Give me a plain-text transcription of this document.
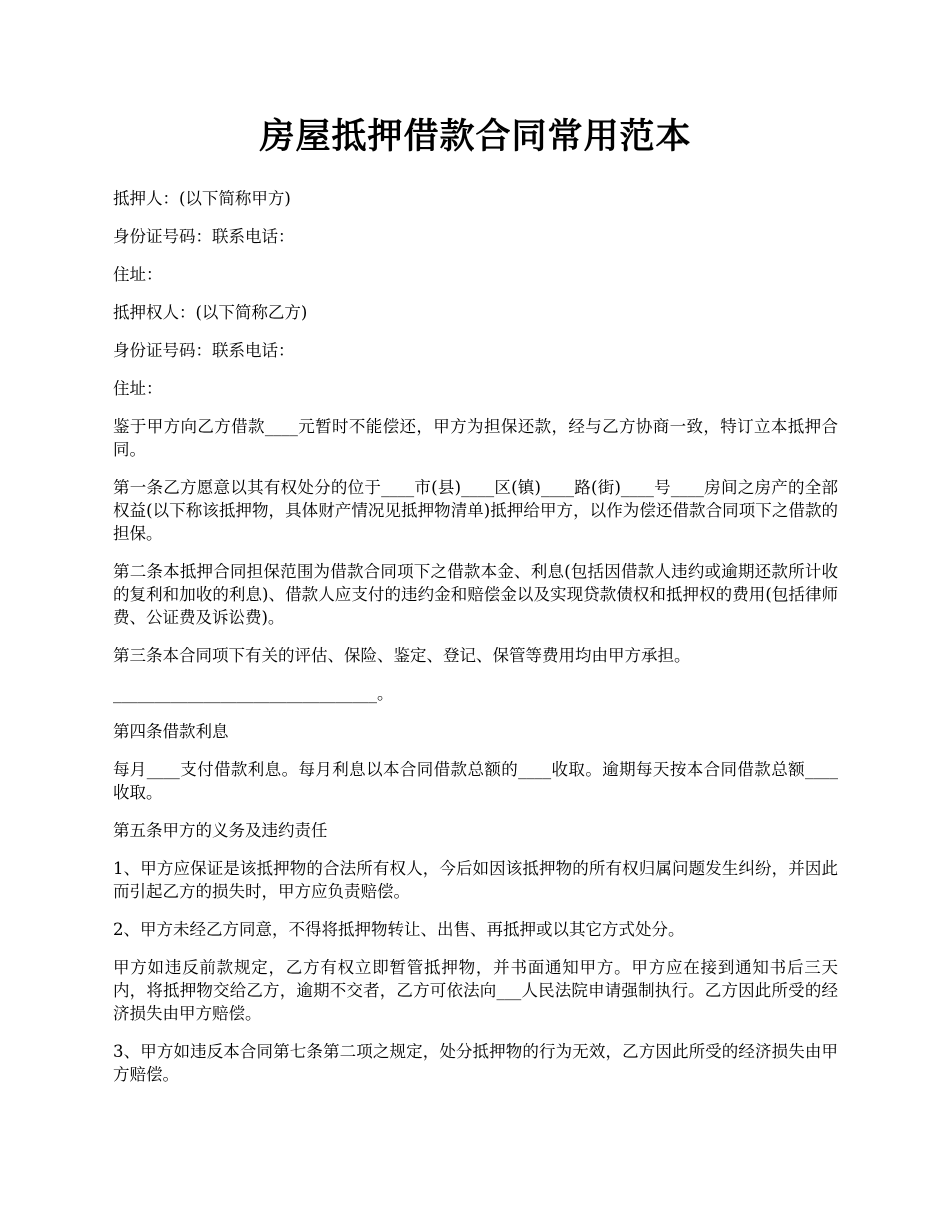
房屋抵押借款合同常用范本

抵押人：(以下简称甲方)

身份证号码：联系电话：

住址：

抵押权人：(以下简称乙方)

身份证号码：联系电话：

住址：

鉴于甲方向乙方借款____元暂时不能偿还，甲方为担保还款，经与乙方协商一致，特订立本抵押合同。

第一条乙方愿意以其有权处分的位于____市(县)____区(镇)____路(街)____号____房间之房产的全部权益(以下称该抵押物，具体财产情况见抵押物清单)抵押给甲方，以作为偿还借款合同项下之借款的担保。

第二条本抵押合同担保范围为借款合同项下之借款本金、利息(包括因借款人违约或逾期还款所计收的复利和加收的利息)、借款人应支付的违约金和赔偿金以及实现贷款债权和抵押权的费用(包括律师费、公证费及诉讼费)。

第三条本合同项下有关的评估、保险、鉴定、登记、保管等费用均由甲方承担。

________________________________。

第四条借款利息

每月____支付借款利息。每月利息以本合同借款总额的____收取。逾期每天按本合同借款总额____收取。

第五条甲方的义务及违约责任

1、甲方应保证是该抵押物的合法所有权人，今后如因该抵押物的所有权归属问题发生纠纷，并因此而引起乙方的损失时，甲方应负责赔偿。

2、甲方未经乙方同意，不得将抵押物转让、出售、再抵押或以其它方式处分。

甲方如违反前款规定，乙方有权立即暂管抵押物，并书面通知甲方。甲方应在接到通知书后三天内，将抵押物交给乙方，逾期不交者，乙方可依法向___人民法院申请强制执行。乙方因此所受的经济损失由甲方赔偿。

3、甲方如违反本合同第七条第二项之规定，处分抵押物的行为无效，乙方因此所受的经济损失由甲方赔偿。
